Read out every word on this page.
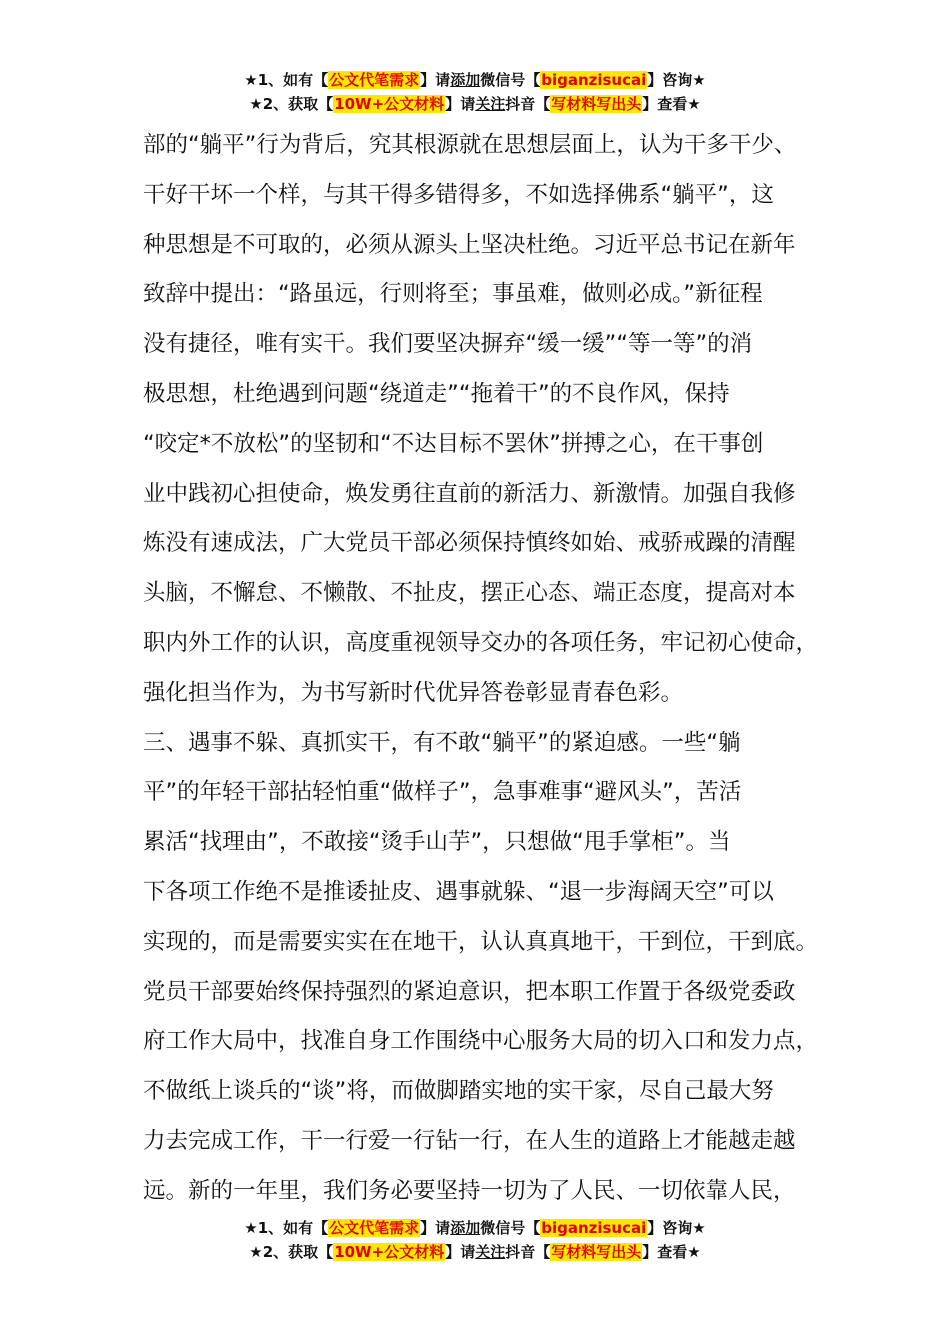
★1、如有【公文代笔需求】请添加微信号【biganzisucai】咨询★
★2、获取【10W+公文材料】请关注抖音【写材料写出头】查看★
部的“躺平”行为背后，究其根源就在思想层面上，认为干多干少、
干好干坏一个样，与其干得多错得多，不如选择佛系“躺平”，这
种思想是不可取的，必须从源头上坚决杜绝。习近平总书记在新年
致辞中提出：“路虽远，行则将至；事虽难，做则必成。”新征程
没有捷径，唯有实干。我们要坚决摒弃“缓一缓”“等一等”的消
极思想，杜绝遇到问题“绕道走”“拖着干”的不良作风，保持
“咬定*不放松”的坚韧和“不达目标不罢休”拼搏之心，在干事创
业中践初心担使命，焕发勇往直前的新活力、新激情。加强自我修
炼没有速成法，广大党员干部必须保持慎终如始、戒骄戒躁的清醒
头脑，不懈怠、不懒散、不扯皮，摆正心态、端正态度，提高对本
职内外工作的认识，高度重视领导交办的各项任务，牢记初心使命，
强化担当作为，为书写新时代优异答卷彰显青春色彩。
三、遇事不躲、真抓实干，有不敢“躺平”的紧迫感。一些“躺
平”的年轻干部拈轻怕重“做样子”，急事难事“避风头”，苦活
累活“找理由”，不敢接“烫手山芋”，只想做“甩手掌柜”。当
下各项工作绝不是推诿扯皮、遇事就躲、“退一步海阔天空”可以
实现的，而是需要实实在在地干，认认真真地干，干到位，干到底。
党员干部要始终保持强烈的紧迫意识，把本职工作置于各级党委政
府工作大局中，找准自身工作围绕中心服务大局的切入口和发力点，
不做纸上谈兵的“谈”将，而做脚踏实地的实干家，尽自己最大努
力去完成工作，干一行爱一行钻一行，在人生的道路上才能越走越
远。新的一年里，我们务必要坚持一切为了人民、一切依靠人民，
★1、如有【公文代笔需求】请添加微信号【biganzisucai】咨询★
★2、获取【10W+公文材料】请关注抖音【写材料写出头】查看★
